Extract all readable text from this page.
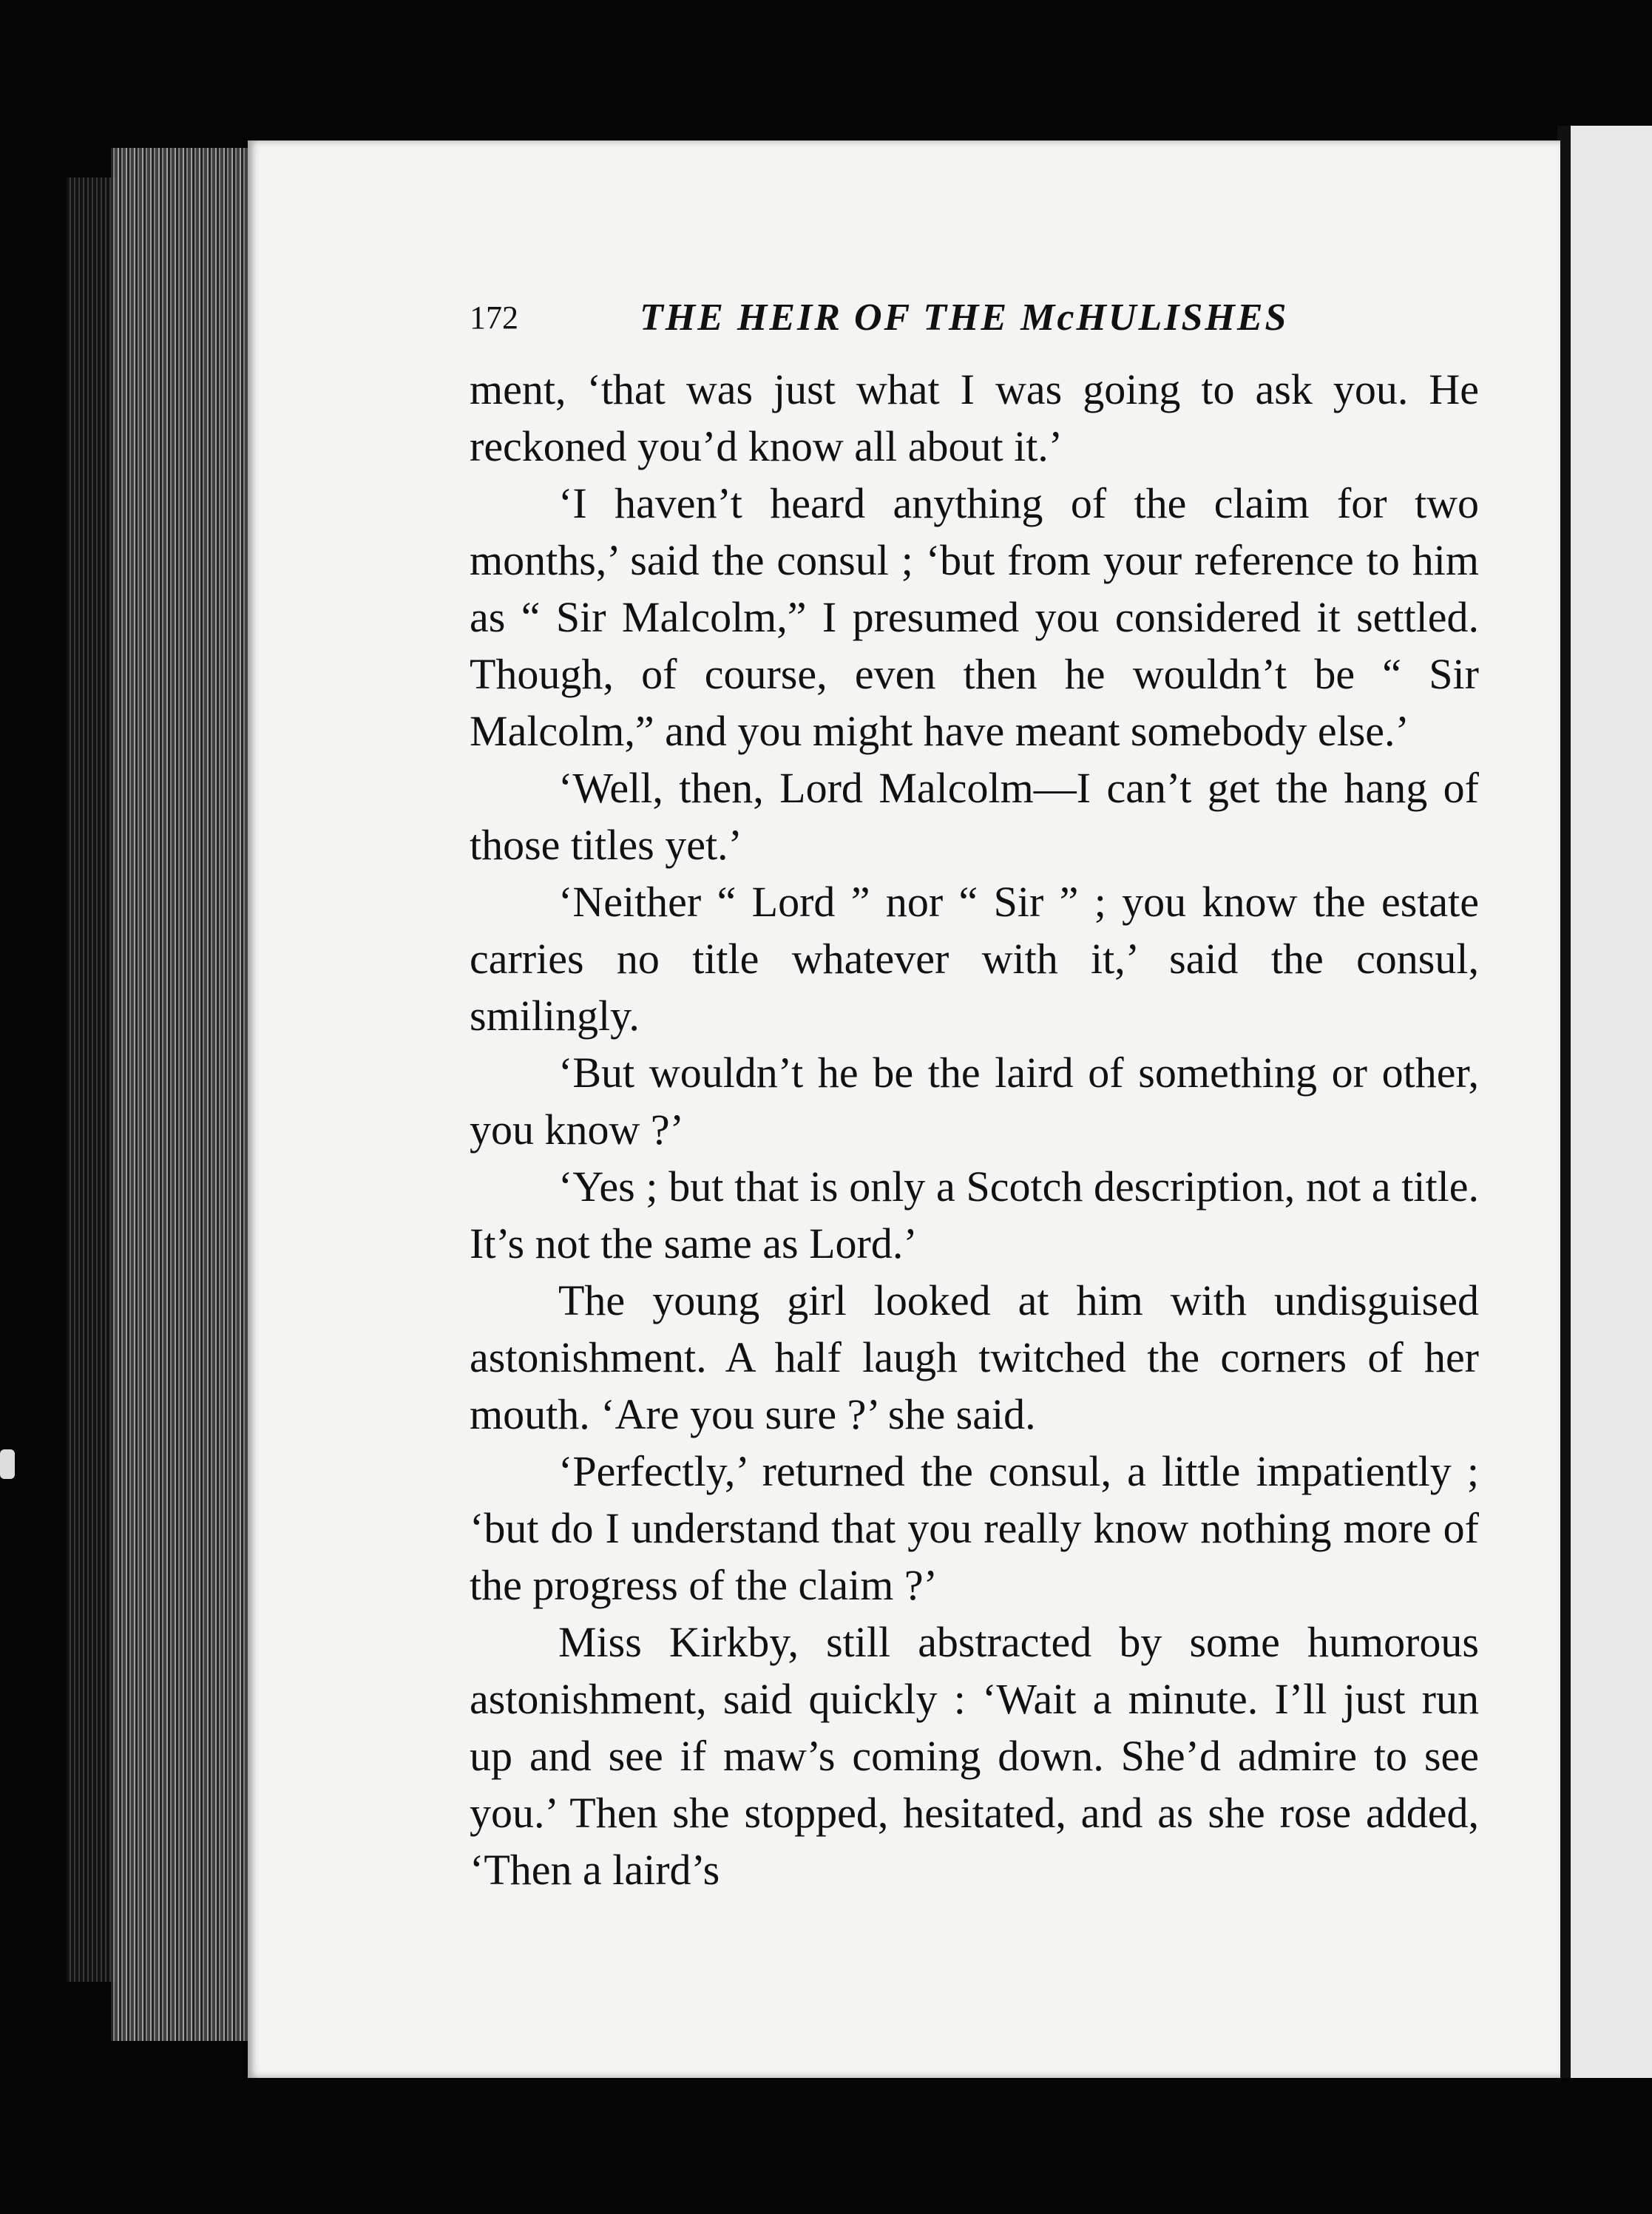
172	THE HEIR OF THE McHULISHES

ment, ‘that was just what I was going to ask you. He reckoned you’d know all about it.’

‘I haven’t heard anything of the claim for two months,’ said the consul ; ‘but from your reference to him as “ Sir Malcolm,” I presumed you considered it settled. Though, of course, even then he wouldn’t be “ Sir Malcolm,” and you might have meant somebody else.’

‘Well, then, Lord Malcolm—I can’t get the hang of those titles yet.’

‘Neither “ Lord ” nor “ Sir ” ; you know the estate carries no title whatever with it,’ said the consul, smilingly.

‘But wouldn’t he be the laird of something or other, you know ?’

‘Yes ; but that is only a Scotch description, not a title. It’s not the same as Lord.’

The young girl looked at him with undisguised astonishment. A half laugh twitched the corners of her mouth. ‘Are you sure ?’ she said.

‘Perfectly,’ returned the consul, a little impatiently ; ‘but do I understand that you really know nothing more of the progress of the claim ?’

Miss Kirkby, still abstracted by some humorous astonishment, said quickly : ‘Wait a minute. I’ll just run up and see if maw’s coming down. She’d admire to see you.’ Then she stopped, hesitated, and as she rose added, ‘Then a laird’s
